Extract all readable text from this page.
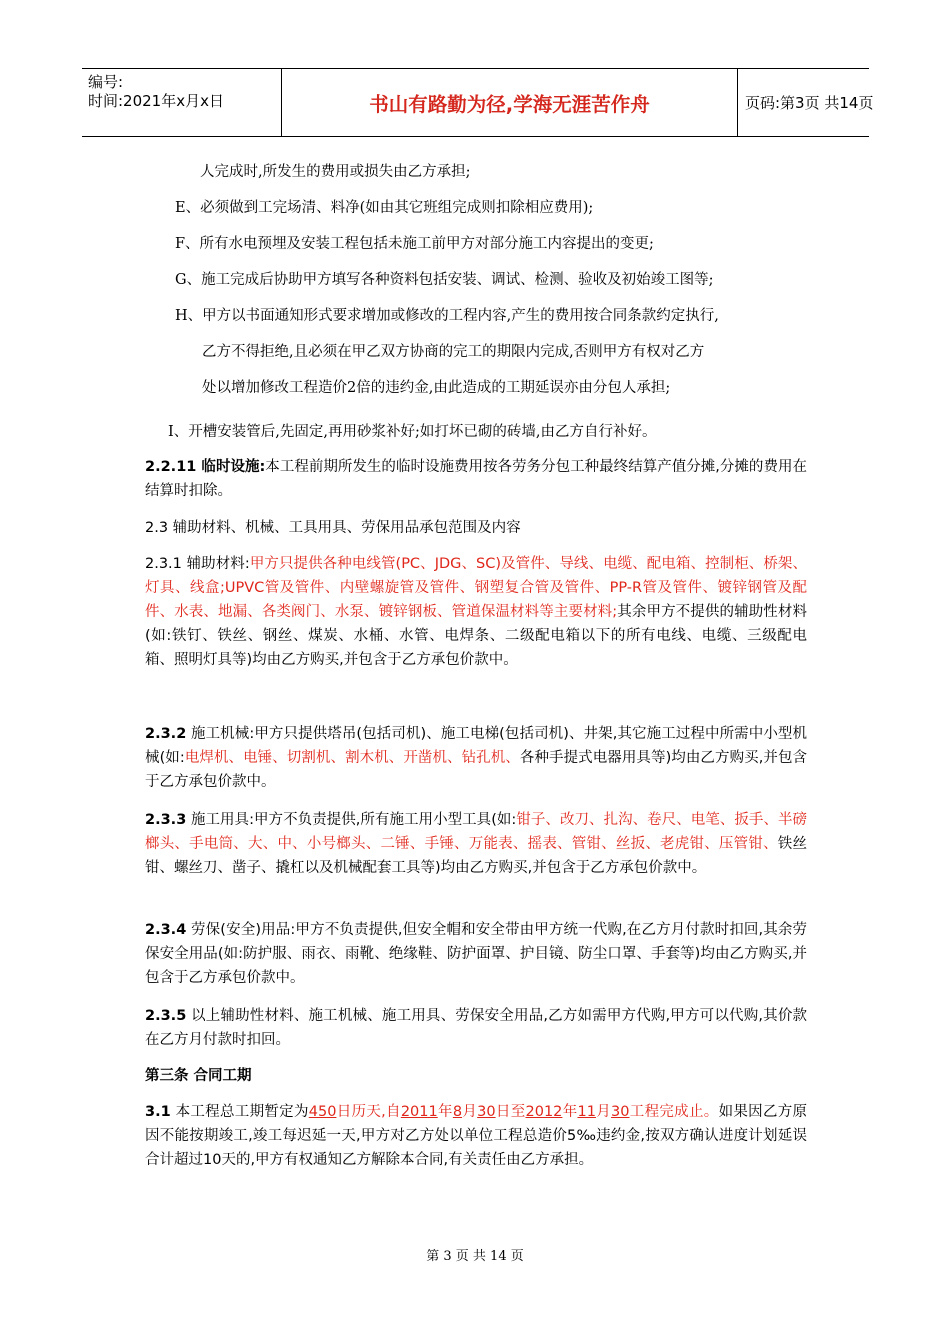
编号:
时间:2021年x月x日	书山有路勤为径,学海无涯苦作舟	页码:第3页 共14页
人完成时,所发生的费用或损失由乙方承担;
E、必须做到工完场清、料净(如由其它班组完成则扣除相应费用);
F、所有水电预埋及安装工程包括未施工前甲方对部分施工内容提出的变更;
G、施工完成后协助甲方填写各种资料包括安装、调试、检测、验收及初始竣工图等;
H、甲方以书面通知形式要求增加或修改的工程内容,产生的费用按合同条款约定执行,
乙方不得拒绝,且必须在甲乙双方协商的完工的期限内完成,否则甲方有权对乙方
处以增加修改工程造价2倍的违约金,由此造成的工期延误亦由分包人承担;
I、开槽安装管后,先固定,再用砂浆补好;如打坏已砌的砖墙,由乙方自行补好。
2.2.11 临时设施:本工程前期所发生的临时设施费用按各劳务分包工种最终结算产值分摊,分摊的费用在结算时扣除。
2.3 辅助材料、机械、工具用具、劳保用品承包范围及内容
2.3.1 辅助材料:甲方只提供各种电线管(PC、JDG、SC)及管件、导线、电缆、配电箱、控制柜、桥架、灯具、线盒;UPVC管及管件、内壁螺旋管及管件、钢塑复合管及管件、PP-R管及管件、镀锌钢管及配件、水表、地漏、各类阀门、水泵、镀锌钢板、管道保温材料等主要材料;其余甲方不提供的辅助性材料(如:铁钉、铁丝、钢丝、煤炭、水桶、水管、电焊条、二级配电箱以下的所有电线、电缆、三级配电箱、照明灯具等)均由乙方购买,并包含于乙方承包价款中。
2.3.2 施工机械:甲方只提供塔吊(包括司机)、施工电梯(包括司机)、井架,其它施工过程中所需中小型机械(如:电焊机、电锤、切割机、割木机、开凿机、钻孔机、各种手提式电器用具等)均由乙方购买,并包含于乙方承包价款中。
2.3.3 施工用具:甲方不负责提供,所有施工用小型工具(如:钳子、改刀、扎沟、卷尺、电笔、扳手、半磅榔头、手电筒、大、中、小号榔头、二锤、手锤、万能表、摇表、管钳、丝扳、老虎钳、压管钳、铁丝钳、螺丝刀、凿子、撬杠以及机械配套工具等)均由乙方购买,并包含于乙方承包价款中。
2.3.4 劳保(安全)用品:甲方不负责提供,但安全帽和安全带由甲方统一代购,在乙方月付款时扣回,其余劳保安全用品(如:防护服、雨衣、雨靴、绝缘鞋、防护面罩、护目镜、防尘口罩、手套等)均由乙方购买,并包含于乙方承包价款中。
2.3.5 以上辅助性材料、施工机械、施工用具、劳保安全用品,乙方如需甲方代购,甲方可以代购,其价款在乙方月付款时扣回。
第三条 合同工期
3.1 本工程总工期暂定为450日历天,自2011年8月30日至2012年11月30工程完成止。如果因乙方原因不能按期竣工,竣工每迟延一天,甲方对乙方处以单位工程总造价5‰违约金,按双方确认进度计划延误合计超过10天的,甲方有权通知乙方解除本合同,有关责任由乙方承担。
第 3 页 共 14 页
